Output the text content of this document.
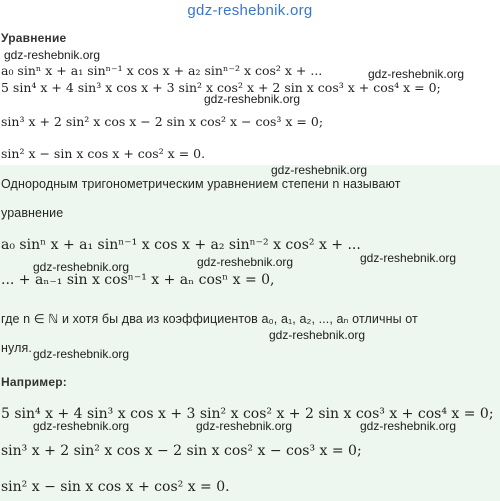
gdz-reshebnik.org
Уравнение
a₀ sinⁿ x + a₁ sinⁿ⁻¹ x cos x + a₂ sinⁿ⁻² x cos² x + ...
5 sin⁴ x + 4 sin³ x cos x + 3 sin² x cos² x + 2 sin x cos³ x + cos⁴ x = 0;
sin³ x + 2 sin² x cos x − 2 sin x cos² x − cos³ x = 0;
sin² x − sin x cos x + cos² x = 0.
Однородным тригонометрическим уравнением степени n называют
уравнение
a₀ sinⁿ x + a₁ sinⁿ⁻¹ x cos x + a₂ sinⁿ⁻² x cos² x + ...
... + aₙ₋₁ sin x cosⁿ⁻¹ x + aₙ cosⁿ x = 0,
где n ∈ ℕ и хотя бы два из коэффициентов a₀, a₁, a₂, ..., aₙ отличны от
нуля.
Например:
5 sin⁴ x + 4 sin³ x cos x + 3 sin² x cos² x + 2 sin x cos³ x + cos⁴ x = 0;
sin³ x + 2 sin² x cos x − 2 sin x cos² x − cos³ x = 0;
sin² x − sin x cos x + cos² x = 0.
gdz-reshebnik.org
gdz-reshebnik.org
gdz-reshebnik.org
gdz-reshebnik.org
gdz-reshebnik.org
gdz-reshebnik.org
gdz-reshebnik.org
gdz-reshebnik.org
gdz-reshebnik.org
gdz-reshebnik.org	gdz-reshebnik.org	gdz-reshebnik.org
